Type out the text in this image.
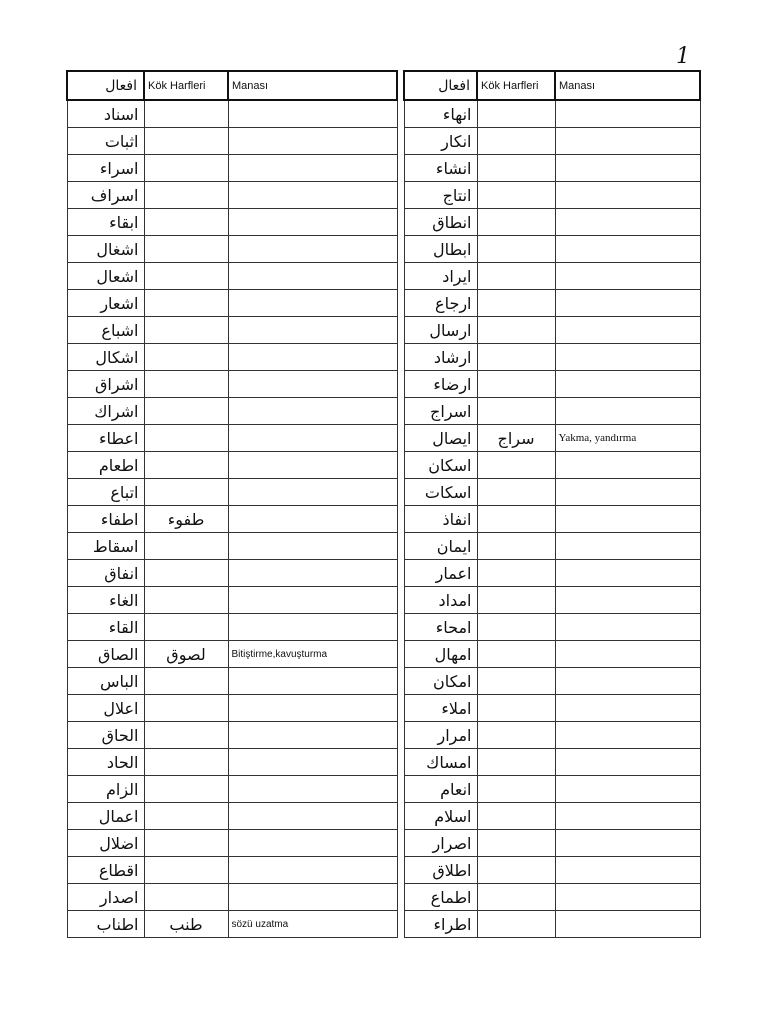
1
افعال	Kök Harfleri	Manası
اسناد		
اثبات		
اسراء		
اسراف		
ابقاء		
اشغال		
اشعال		
اشعار		
اشباع		
اشكال		
اشراق		
اشراك		
اعطاء		
اطعام		
اتباع		
اطفاء	طفوء	
اسقاط		
انفاق		
الغاء		
القاء		
الصاق	لصوق	Bitiştirme,kavuşturma
الباس		
اعلال		
الحاق		
الحاد		
الزام		
اعمال		
اضلال		
اقطاع		
اصدار		
اطناب	طنب	sözü uzatma
افعال	Kök Harfleri	Manası
انهاء		
انكار		
انشاء		
انتاج		
انطاق		
ابطال		
ايراد		
ارجاع		
ارسال		
ارشاد		
ارضاء		
اسراج		
ايصال	سراج	Yakma, yandırma
اسكان		
اسكات		
انفاذ		
ايمان		
اعمار		
امداد		
امحاء		
امهال		
امكان		
املاء		
امرار		
امساك		
انعام		
اسلام		
اصرار		
اطلاق		
اطماع		
اطراء		
